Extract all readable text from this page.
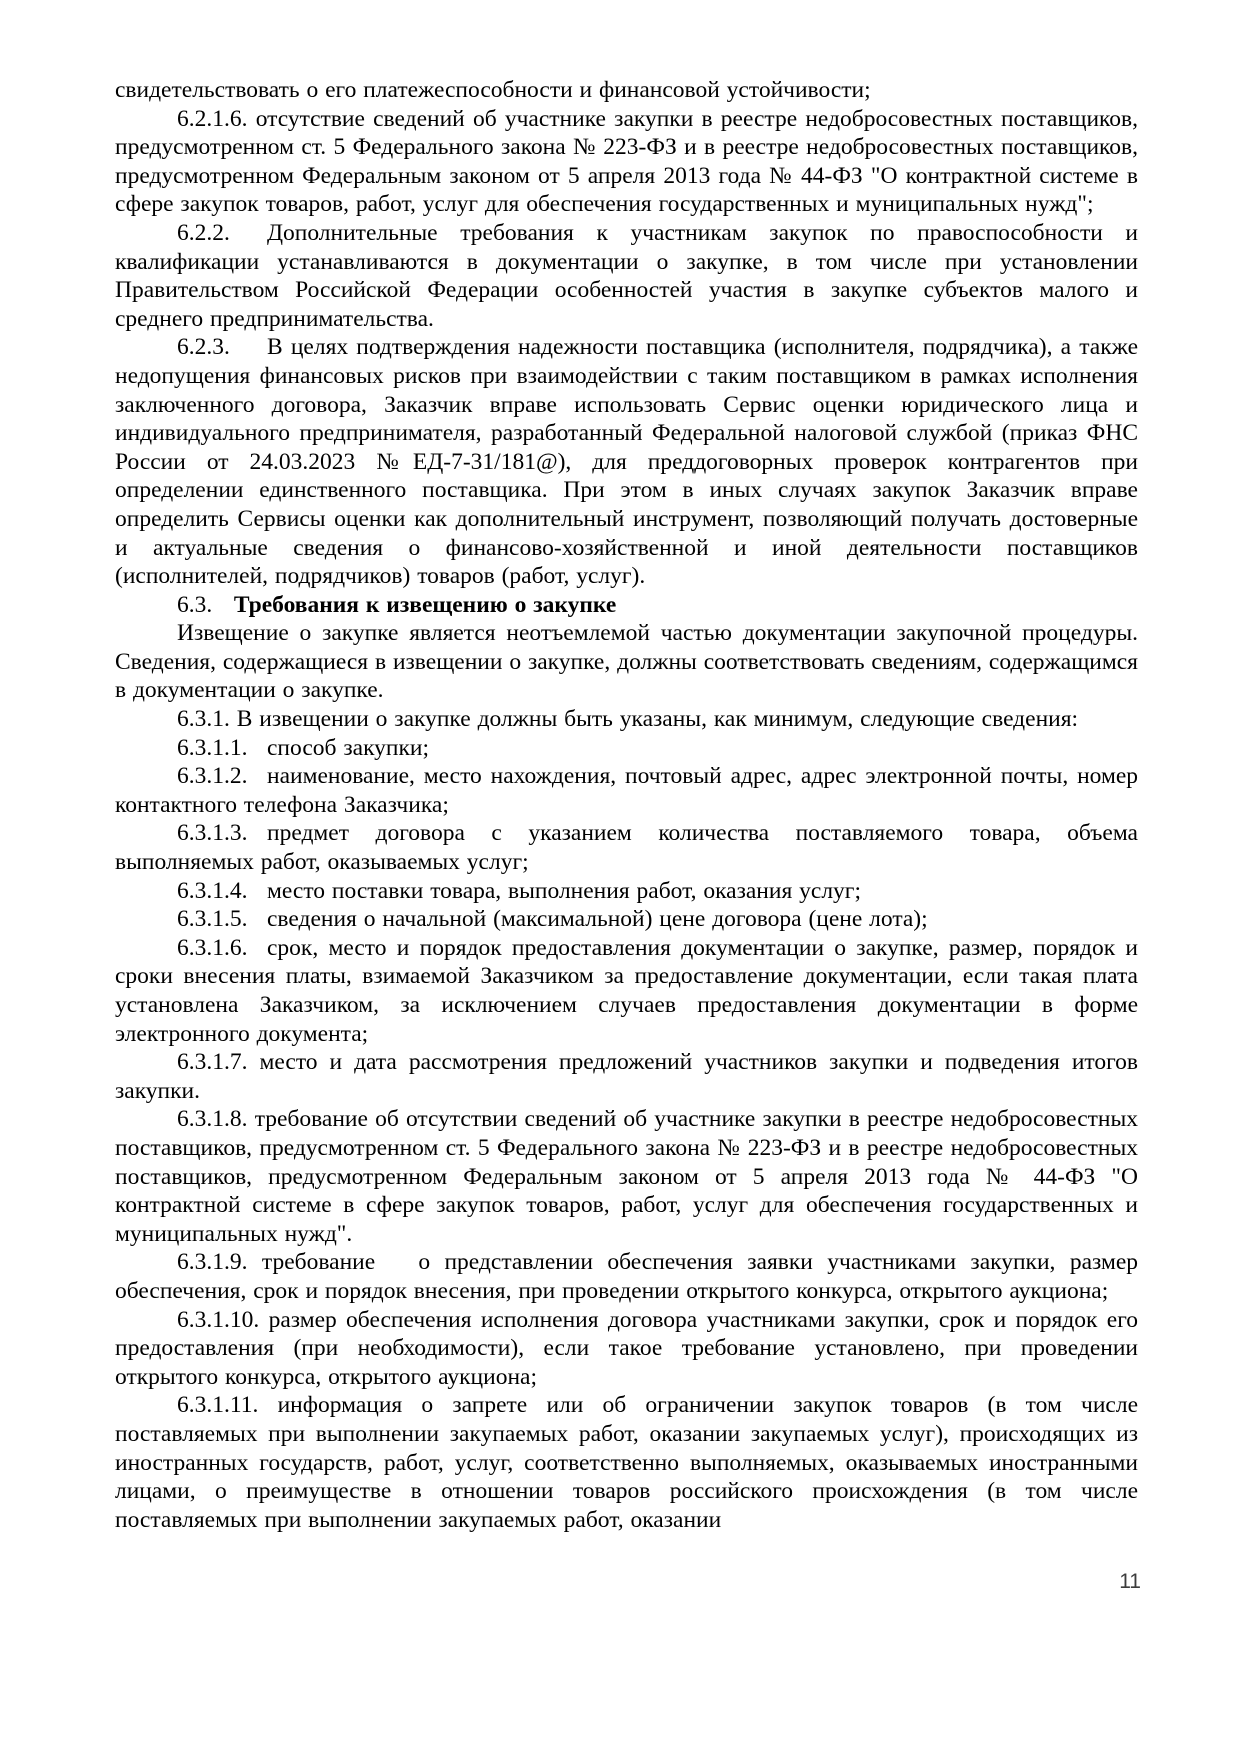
свидетельствовать о его платежеспособности и финансовой устойчивости;

6.2.1.6. отсутствие сведений об участнике закупки в реестре недобросовестных поставщиков, предусмотренном ст. 5 Федерального закона № 223-ФЗ и в реестре недобросовестных поставщиков, предусмотренном Федеральным законом от 5 апреля 2013 года № 44-ФЗ "О контрактной системе в сфере закупок товаров, работ, услуг для обеспечения государственных и муниципальных нужд";

6.2.2. Дополнительные требования к участникам закупок по правоспособности и квалификации устанавливаются в документации о закупке, в том числе при установлении Правительством Российской Федерации особенностей участия в закупке субъектов малого и среднего предпринимательства.

6.2.3. В целях подтверждения надежности поставщика (исполнителя, подрядчика), а также недопущения финансовых рисков при взаимодействии с таким поставщиком в рамках исполнения заключенного договора, Заказчик вправе использовать Сервис оценки юридического лица и индивидуального предпринимателя, разработанный Федеральной налоговой службой (приказ ФНС России от 24.03.2023 №ЕД-7-31/181@), для преддоговорных проверок контрагентов при определении единственного поставщика. При этом в иных случаях закупок Заказчик вправе определить Сервисы оценки как дополнительный инструмент, позволяющий получать достоверные и актуальные сведения о финансово-хозяйственной и иной деятельности поставщиков (исполнителей, подрядчиков) товаров (работ, услуг).

6.3. Требования к извещению о закупке

Извещение о закупке является неотъемлемой частью документации закупочной процедуры. Сведения, содержащиеся в извещении о закупке, должны соответствовать сведениям, содержащимся в документации о закупке.

6.3.1. В извещении о закупке должны быть указаны, как минимум, следующие сведения:

6.3.1.1. способ закупки;

6.3.1.2. наименование, место нахождения, почтовый адрес, адрес электронной почты, номер контактного телефона Заказчика;

6.3.1.3. предмет договора с указанием количества поставляемого товара, объема выполняемых работ, оказываемых услуг;

6.3.1.4. место поставки товара, выполнения работ, оказания услуг;

6.3.1.5. сведения о начальной (максимальной) цене договора (цене лота);

6.3.1.6. срок, место и порядок предоставления документации о закупке, размер, порядок и сроки внесения платы, взимаемой Заказчиком за предоставление документации, если такая плата установлена Заказчиком, за исключением случаев предоставления документации в форме электронного документа;

6.3.1.7. место и дата рассмотрения предложений участников закупки и подведения итогов закупки.

6.3.1.8. требование об отсутствии сведений об участнике закупки в реестре недобросовестных поставщиков, предусмотренном ст. 5 Федерального закона № 223-ФЗ и в реестре недобросовестных поставщиков, предусмотренном Федеральным законом от 5 апреля 2013 года № 44-ФЗ "О контрактной системе в сфере закупок товаров, работ, услуг для обеспечения государственных и муниципальных нужд".

6.3.1.9. требование   о представлении обеспечения заявки участниками закупки, размер обеспечения, срок и порядок внесения, при проведении открытого конкурса, открытого аукциона;

6.3.1.10. размер обеспечения исполнения договора участниками закупки, срок и порядок его предоставления (при необходимости), если такое требование установлено, при проведении открытого конкурса, открытого аукциона;

6.3.1.11. информация о запрете или об ограничении закупок товаров (в том числе поставляемых при выполнении закупаемых работ, оказании закупаемых услуг), происходящих из иностранных государств, работ, услуг, соответственно выполняемых, оказываемых иностранными лицами, о преимуществе в отношении товаров российского происхождения (в том числе поставляемых при выполнении закупаемых работ, оказании

11
